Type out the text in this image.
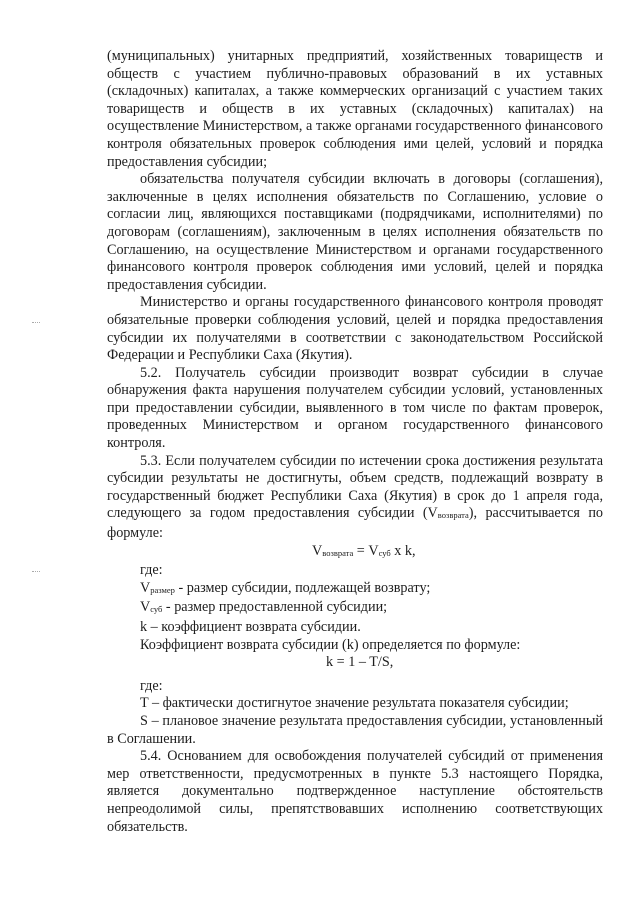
(муниципальных) унитарных предприятий, хозяйственных товариществ и обществ с участием публично-правовых образований в их уставных (складочных) капиталах, а также коммерческих организаций с участием таких товариществ и обществ в их уставных (складочных) капиталах) на осуществление Министерством, а также органами государственного финансового контроля обязательных проверок соблюдения ими целей, условий и порядка предоставления субсидии;

обязательства получателя субсидии включать в договоры (соглашения), заключенные в целях исполнения обязательств по Соглашению, условие о согласии лиц, являющихся поставщиками (подрядчиками, исполнителями) по договорам (соглашениям), заключенным в целях исполнения обязательств по Соглашению, на осуществление Министерством и органами государственного финансового контроля проверок соблюдения ими условий, целей и порядка предоставления субсидии.

Министерство и органы государственного финансового контроля проводят обязательные проверки соблюдения условий, целей и порядка предоставления субсидии их получателями в соответствии с законодательством Российской Федерации и Республики Саха (Якутия).

5.2. Получатель субсидии производит возврат субсидии в случае обнаружения факта нарушения получателем субсидии условий, установленных при предоставлении субсидии, выявленного в том числе по фактам проверок, проведенных Министерством и органом государственного финансового контроля.

5.3. Если получателем субсидии по истечении срока достижения результата субсидии результаты не достигнуты, объем средств, подлежащий возврату в государственный бюджет Республики Саха (Якутия) в срок до 1 апреля года, следующего за годом предоставления субсидии (Vвозврата), рассчитывается по формуле:

Vвозврата = Vсуб x k,

где:

Vразмер - размер субсидии, подлежащей возврату;

Vсуб - размер предоставленной субсидии;

k – коэффициент возврата субсидии.

Коэффициент возврата субсидии (k) определяется по формуле:

k = 1 – T/S,

где:

T – фактически достигнутое значение результата показателя субсидии;

S – плановое значение результата предоставления субсидии, установленный в Соглашении.

5.4. Основанием для освобождения получателей субсидий от применения мер ответственности, предусмотренных в пункте 5.3 настоящего Порядка, является документально подтвержденное наступление обстоятельств непреодолимой силы, препятствовавших исполнению соответствующих обязательств.
